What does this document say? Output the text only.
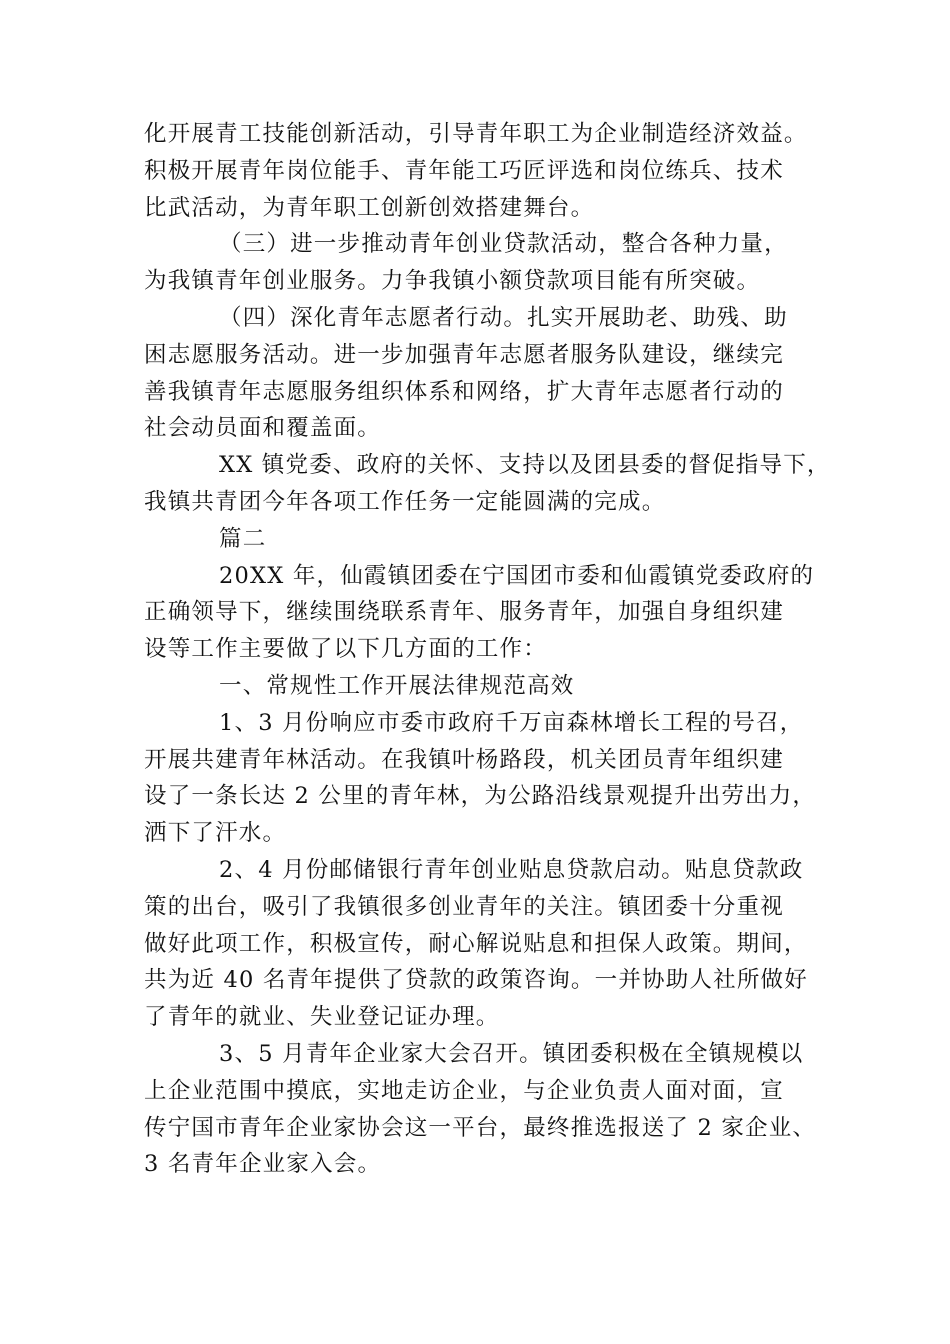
化开展青工技能创新活动，引导青年职工为企业制造经济效益。
积极开展青年岗位能手、青年能工巧匠评选和岗位练兵、技术
比武活动，为青年职工创新创效搭建舞台。
（三）进一步推动青年创业贷款活动，整合各种力量，
为我镇青年创业服务。力争我镇小额贷款项目能有所突破。
（四）深化青年志愿者行动。扎实开展助老、助残、助
困志愿服务活动。进一步加强青年志愿者服务队建设，继续完
善我镇青年志愿服务组织体系和网络，扩大青年志愿者行动的
社会动员面和覆盖面。
XX 镇党委、政府的关怀、支持以及团县委的督促指导下，
我镇共青团今年各项工作任务一定能圆满的完成。
篇二
20XX 年，仙霞镇团委在宁国团市委和仙霞镇党委政府的
正确领导下，继续围绕联系青年、服务青年，加强自身组织建
设等工作主要做了以下几方面的工作：
一、常规性工作开展法律规范高效
1、3 月份响应市委市政府千万亩森林增长工程的号召，
开展共建青年林活动。在我镇叶杨路段，机关团员青年组织建
设了一条长达 2 公里的青年林，为公路沿线景观提升出劳出力，
洒下了汗水。
2、4 月份邮储银行青年创业贴息贷款启动。贴息贷款政
策的出台，吸引了我镇很多创业青年的关注。镇团委十分重视
做好此项工作，积极宣传，耐心解说贴息和担保人政策。期间，
共为近 40 名青年提供了贷款的政策咨询。一并协助人社所做好
了青年的就业、失业登记证办理。
3、5 月青年企业家大会召开。镇团委积极在全镇规模以
上企业范围中摸底，实地走访企业，与企业负责人面对面，宣
传宁国市青年企业家协会这一平台，最终推选报送了 2 家企业、
3 名青年企业家入会。
